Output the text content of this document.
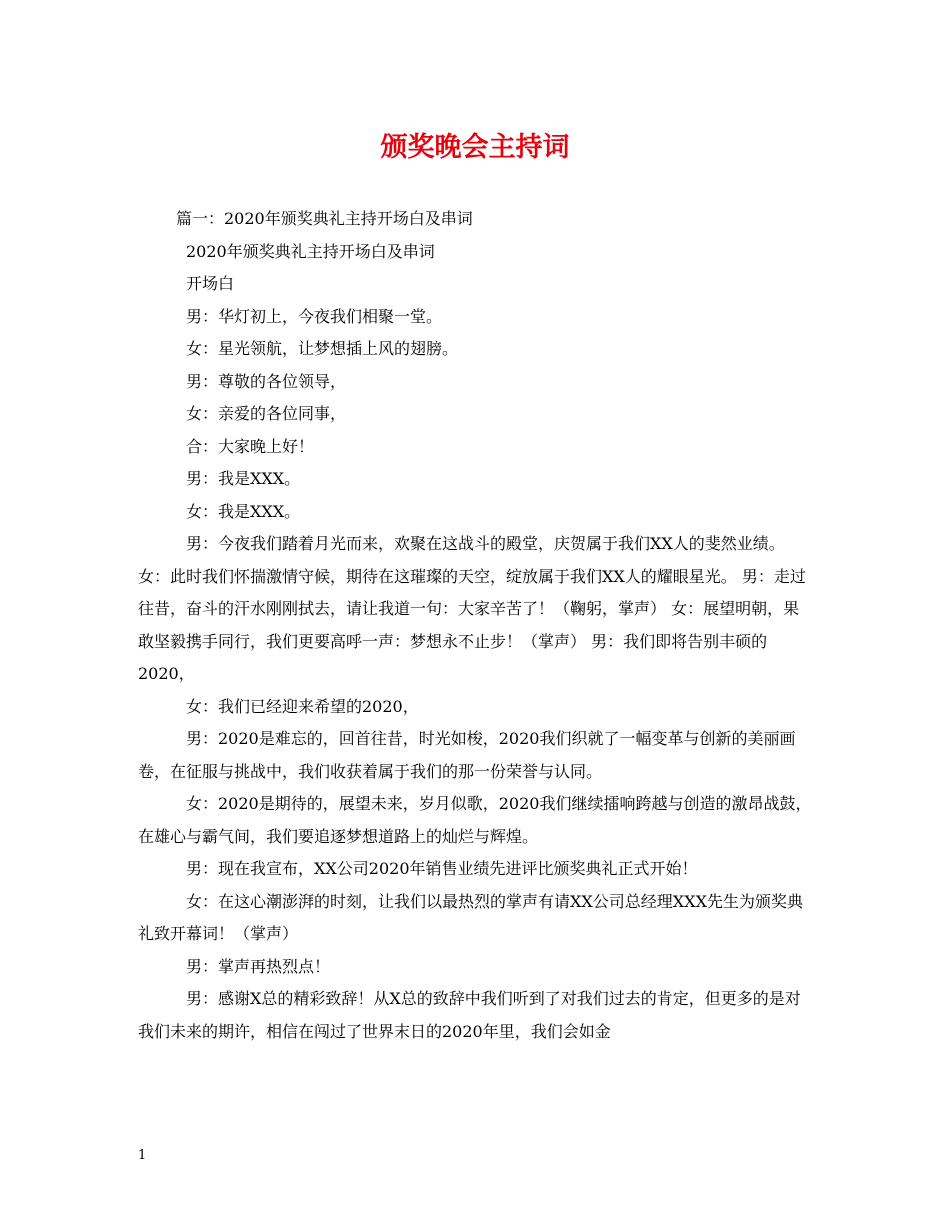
颁奖晚会主持词

篇一：2020年颁奖典礼主持开场白及串词

2020年颁奖典礼主持开场白及串词

开场白

男：华灯初上，今夜我们相聚一堂。

女：星光领航，让梦想插上风的翅膀。

男：尊敬的各位领导，

女：亲爱的各位同事，

合：大家晚上好！

男：我是XXX。

女：我是XXX。

男：今夜我们踏着月光而来，欢聚在这战斗的殿堂，庆贺属于我们XX人的斐然业绩。 女：此时我们怀揣激情守候，期待在这璀璨的天空，绽放属于我们XX人的耀眼星光。 男：走过往昔，奋斗的汗水刚刚拭去，请让我道一句：大家辛苦了！（鞠躬，掌声） 女：展望明朝，果敢坚毅携手同行，我们更要高呼一声：梦想永不止步！（掌声） 男：我们即将告别丰硕的2020，

女：我们已经迎来希望的2020，

男：2020是难忘的，回首往昔，时光如梭，2020我们织就了一幅变革与创新的美丽画卷，在征服与挑战中，我们收获着属于我们的那一份荣誉与认同。

女：2020是期待的，展望未来，岁月似歌，2020我们继续擂响跨越与创造的激昂战鼓，在雄心与霸气间，我们要追逐梦想道路上的灿烂与辉煌。

男：现在我宣布，XX公司2020年销售业绩先进评比颁奖典礼正式开始！

女：在这心潮澎湃的时刻，让我们以最热烈的掌声有请XX公司总经理XXX先生为颁奖典礼致开幕词！（掌声）

男：掌声再热烈点！

男：感谢X总的精彩致辞！从X总的致辞中我们听到了对我们过去的肯定，但更多的是对我们未来的期许，相信在闯过了世界末日的2020年里，我们会如金

1
